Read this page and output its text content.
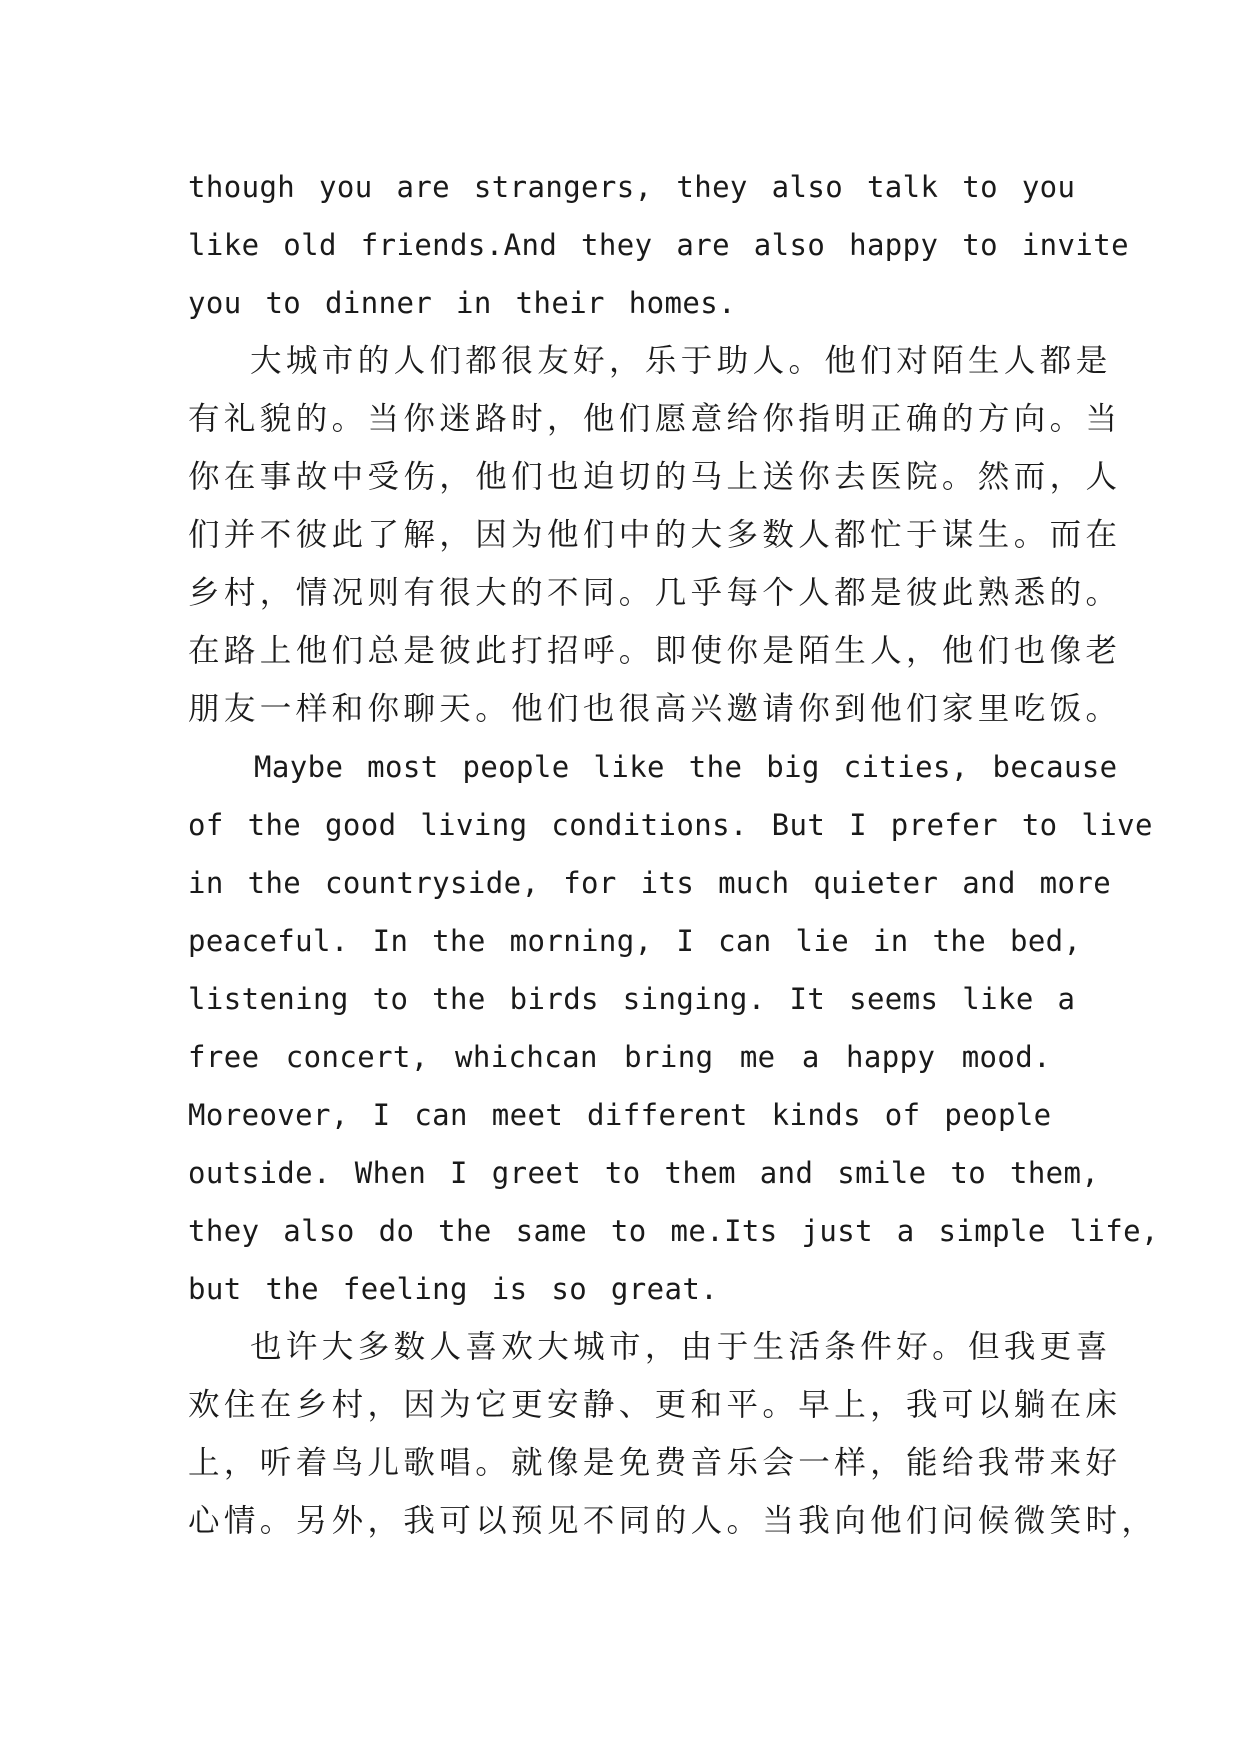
though you are strangers, they also talk to you
like old friends.And they are also happy to invite
you to dinner in their homes.
大城市的人们都很友好，乐于助人。他们对陌生人都是
有礼貌的。当你迷路时，他们愿意给你指明正确的方向。当
你在事故中受伤，他们也迫切的马上送你去医院。然而，人
们并不彼此了解，因为他们中的大多数人都忙于谋生。而在
乡村，情况则有很大的不同。几乎每个人都是彼此熟悉的。
在路上他们总是彼此打招呼。即使你是陌生人，他们也像老
朋友一样和你聊天。他们也很高兴邀请你到他们家里吃饭。
Maybe most people like the big cities, because
of the good living conditions. But I prefer to live
in the countryside, for its much quieter and more
peaceful. In the morning, I can lie in the bed,
listening to the birds singing. It seems like a
free concert, whichcan bring me a happy mood.
Moreover, I can meet different kinds of people
outside. When I greet to them and smile to them,
they also do the same to me.Its just a simple life,
but the feeling is so great.
也许大多数人喜欢大城市，由于生活条件好。但我更喜
欢住在乡村，因为它更安静、更和平。早上，我可以躺在床
上，听着鸟儿歌唱。就像是免费音乐会一样，能给我带来好
心情。另外，我可以预见不同的人。当我向他们问候微笑时，
